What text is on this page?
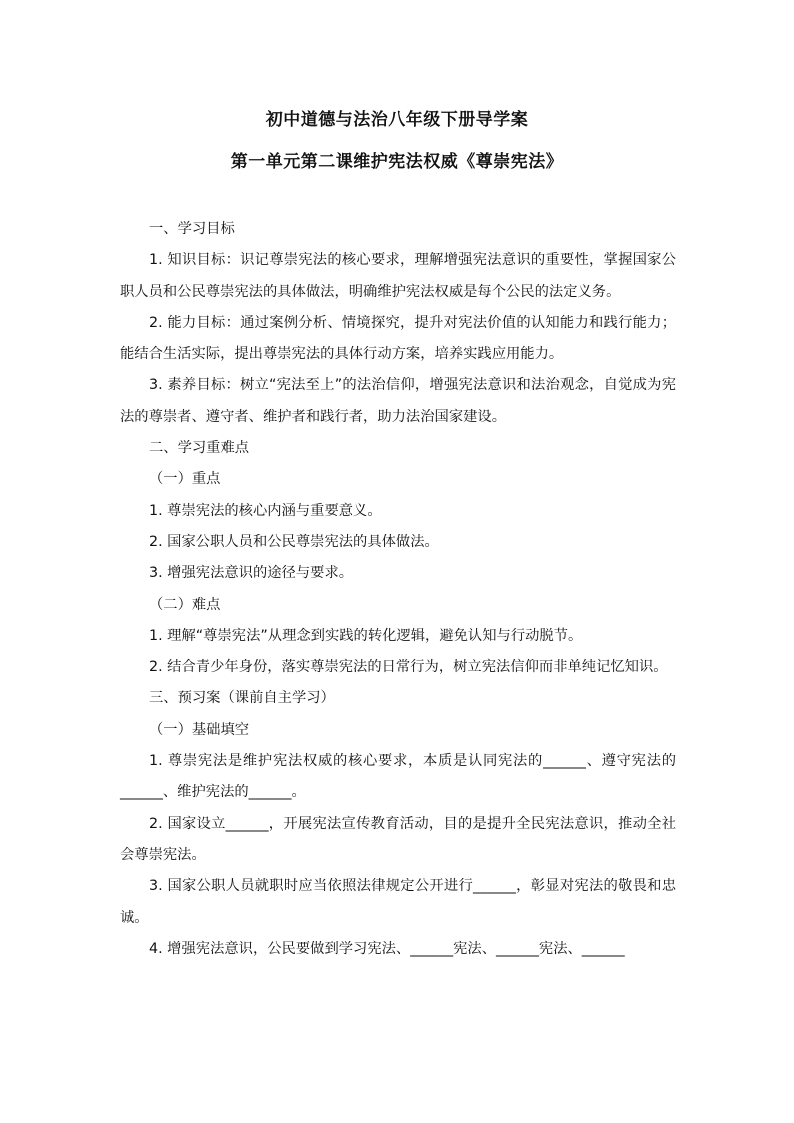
初中道德与法治八年级下册导学案
第一单元第二课维护宪法权威《尊崇宪法》

一、学习目标

1. 知识目标：识记尊崇宪法的核心要求，理解增强宪法意识的重要性，掌握国家公职人员和公民尊崇宪法的具体做法，明确维护宪法权威是每个公民的法定义务。

2. 能力目标：通过案例分析、情境探究，提升对宪法价值的认知能力和践行能力；能结合生活实际，提出尊崇宪法的具体行动方案，培养实践应用能力。

3. 素养目标：树立“宪法至上”的法治信仰，增强宪法意识和法治观念，自觉成为宪法的尊崇者、遵守者、维护者和践行者，助力法治国家建设。

二、学习重难点

（一）重点

1. 尊崇宪法的核心内涵与重要意义。

2. 国家公职人员和公民尊崇宪法的具体做法。

3. 增强宪法意识的途径与要求。

（二）难点

1. 理解“尊崇宪法”从理念到实践的转化逻辑，避免认知与行动脱节。

2. 结合青少年身份，落实尊崇宪法的日常行为，树立宪法信仰而非单纯记忆知识。

三、预习案（课前自主学习）

（一）基础填空

1. 尊崇宪法是维护宪法权威的核心要求，本质是认同宪法的______、遵守宪法的______、维护宪法的______。

2. 国家设立______，开展宪法宣传教育活动，目的是提升全民宪法意识，推动全社会尊崇宪法。

3. 国家公职人员就职时应当依照法律规定公开进行______，彰显对宪法的敬畏和忠诚。

4. 增强宪法意识，公民要做到学习宪法、______宪法、______宪法、______
